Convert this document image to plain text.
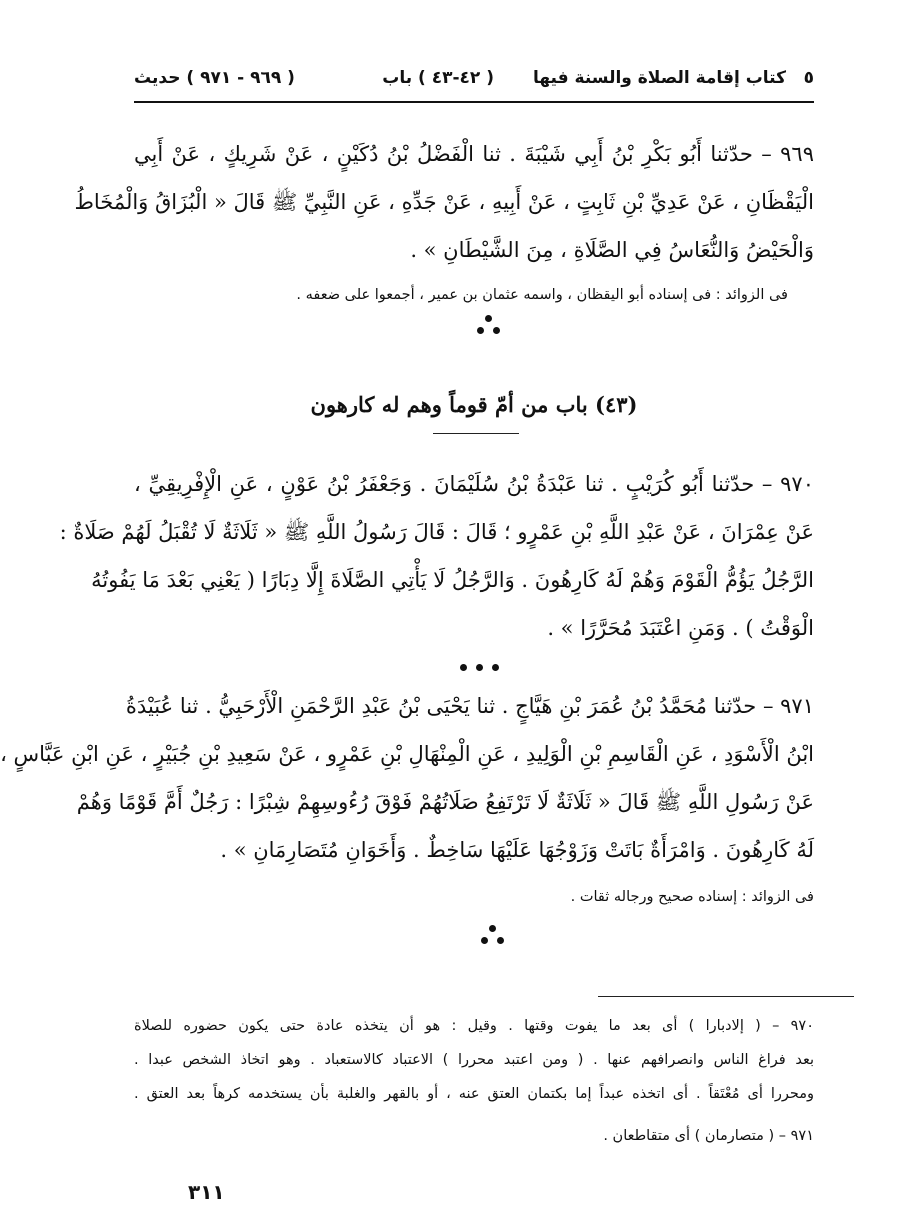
٥
كتاب إقامة الصلاة والسنة فيها
( ٤٢-٤٣ ) باب
( ٩٦٩ - ٩٧١ ) حديث
٩٦٩ – حدّثنا أَبُو بَكْرِ بْنُ أَبِي شَيْبَةَ . ثنا الْفَضْلُ بْنُ دُكَيْنٍ ، عَنْ شَرِيكٍ ، عَنْ أَبِي
الْيَقْظَانِ ، عَنْ عَدِيِّ بْنِ ثَابِتٍ ، عَنْ أَبِيهِ ، عَنْ جَدِّهِ ، عَنِ النَّبِيِّ ﷺ قَالَ « الْبُزَاقُ وَالْمُخَاطُ
وَالْحَيْضُ وَالنُّعَاسُ فِي الصَّلَاةِ ، مِنَ الشَّيْطَانِ » .
فى الزوائد : فى إسناده أبو اليقظان ، واسمه عثمان بن عمير ، أجمعوا على ضعفه .
(٤٣) باب من أمّ قوماً وهم له كارهون
٩٧٠ – حدّثنا أَبُو كُرَيْبٍ . ثنا عَبْدَةُ بْنُ سُلَيْمَانَ . وَجَعْفَرُ بْنُ عَوْنٍ ، عَنِ الْإِفْرِيقِيِّ ،
عَنْ عِمْرَانَ ، عَنْ عَبْدِ اللَّهِ بْنِ عَمْرٍو ؛ قَالَ : قَالَ رَسُولُ اللَّهِ ﷺ « ثَلَاثَةٌ لَا تُقْبَلُ لَهُمْ صَلَاةٌ :
الرَّجُلُ يَؤُمُّ الْقَوْمَ وَهُمْ لَهُ كَارِهُونَ . وَالرَّجُلُ لَا يَأْتِي الصَّلَاةَ إِلَّا دِبَارًا ( يَعْنِي بَعْدَ مَا يَفُوتُهُ
الْوَقْتُ ) . وَمَنِ اعْتَبَدَ مُحَرَّرًا » .
٩٧١ – حدّثنا مُحَمَّدُ بْنُ عُمَرَ بْنِ هَيَّاجٍ . ثنا يَحْيَى بْنُ عَبْدِ الرَّحْمَنِ الْأَرْحَبِيُّ . ثنا عُبَيْدَةُ
ابْنُ الْأَسْوَدِ ، عَنِ الْقَاسِمِ بْنِ الْوَلِيدِ ، عَنِ الْمِنْهَالِ بْنِ عَمْرٍو ، عَنْ سَعِيدِ بْنِ جُبَيْرٍ ، عَنِ ابْنِ عَبَّاسٍ ،
عَنْ رَسُولِ اللَّهِ ﷺ قَالَ « ثَلَاثَةٌ لَا تَرْتَفِعُ صَلَاتُهُمْ فَوْقَ رُءُوسِهِمْ شِبْرًا : رَجُلٌ أَمَّ قَوْمًا وَهُمْ
لَهُ كَارِهُونَ . وَامْرَأَةٌ بَاتَتْ وَزَوْجُهَا عَلَيْهَا سَاخِطٌ . وَأَخَوَانِ مُتَصَارِمَانِ » .
فى الزوائد : إسناده صحيح ورجاله ثقات .
٩٧٠ – ( إلادبارا ) أى بعد ما يفوت وقتها . وقيل : هو أن يتخذه عادة حتى يكون حضوره للصلاة
بعد فراغ الناس وانصرافهم عنها . ( ومن اعتبد محررا ) الاعتباد كالاستعباد . وهو اتخاذ الشخص عبدا .
ومحررا أى مُعْتَقاً . أى اتخذه عبداً إما بكتمان العتق عنه ، أو بالقهر والغلبة بأن يستخدمه كرهاً بعد العتق .
٩٧١ – ( متصارمان ) أى متقاطعان .
٣١١
